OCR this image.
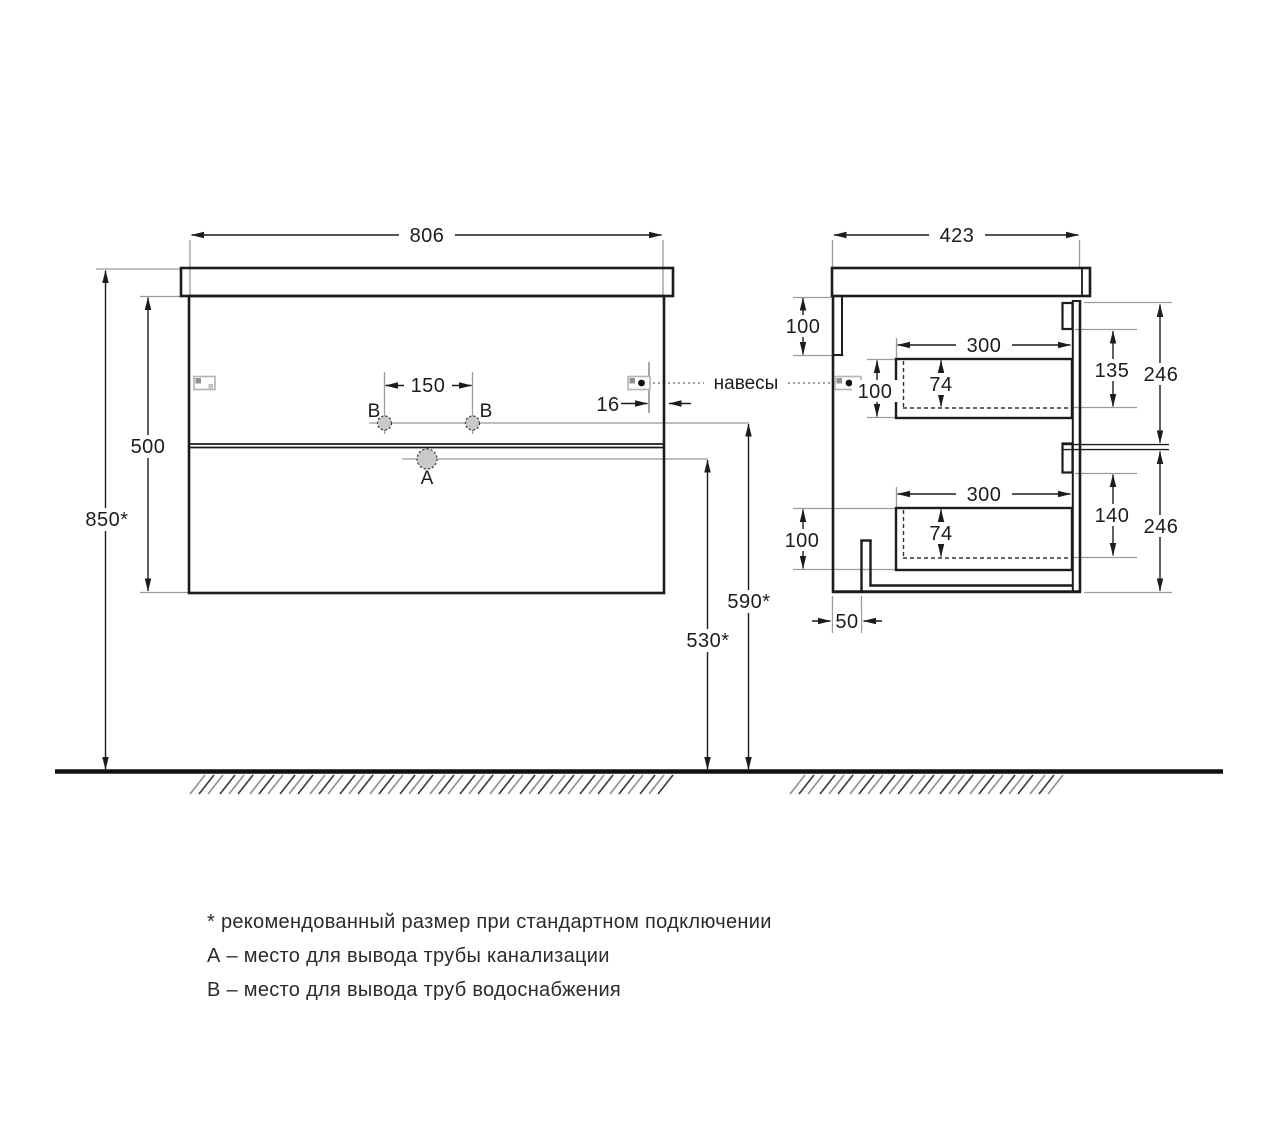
806
850*
500
150
16
590*
530*
B	B
A
навесы
423
100
100
300
74
135 246
246
140
300
100	74
50
* рекомендованный размер при стандартном подключении
А – место для вывода трубы канализации
В – место для вывода труб водоснабжения
